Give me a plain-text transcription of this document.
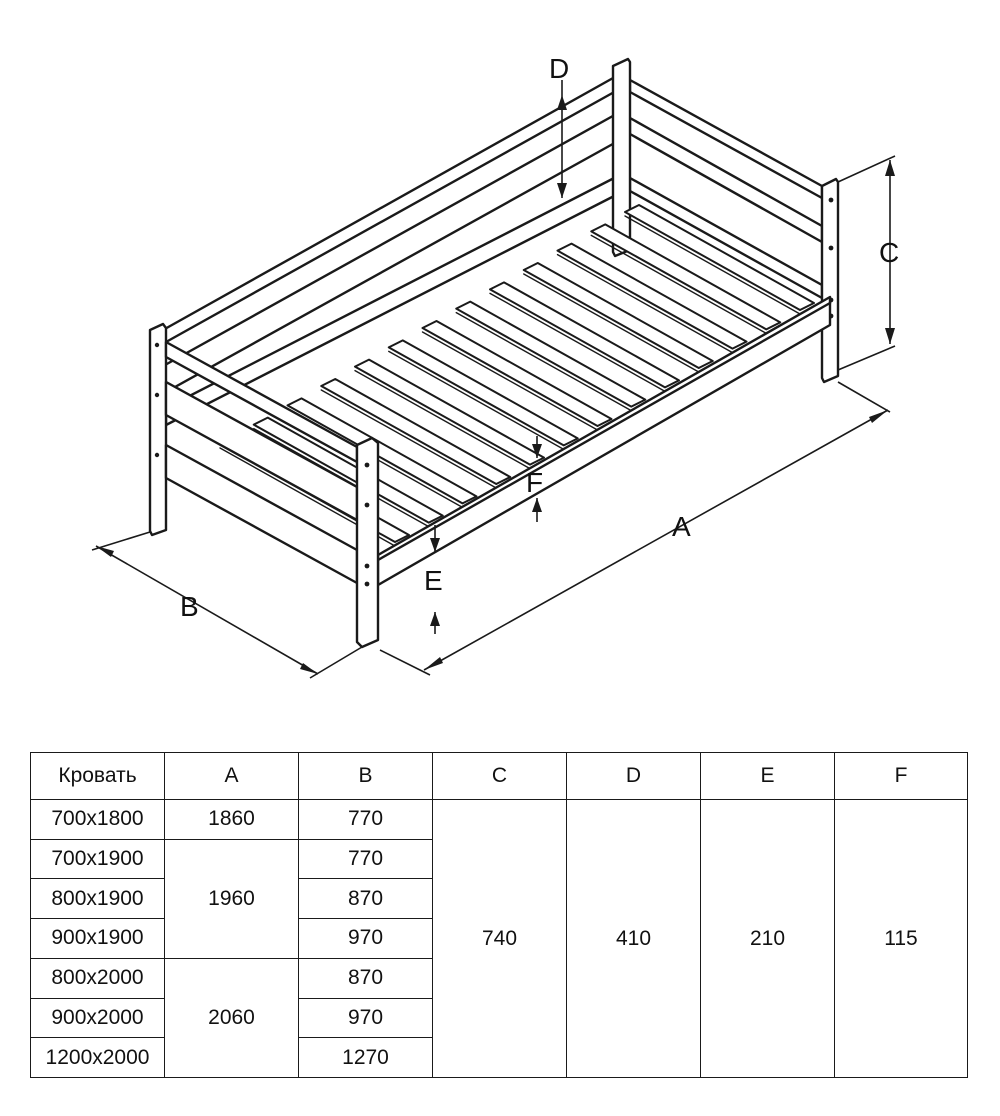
A
B
C
D
E
F
Кровать	A	B	C	D	E	F
700x1800	1860	770	740	410	210	115
700x1900	1960	770				
800x1900		870				
900x1900		970				
800x2000	2060	870				
900x2000		970				
1200x2000		1270				
